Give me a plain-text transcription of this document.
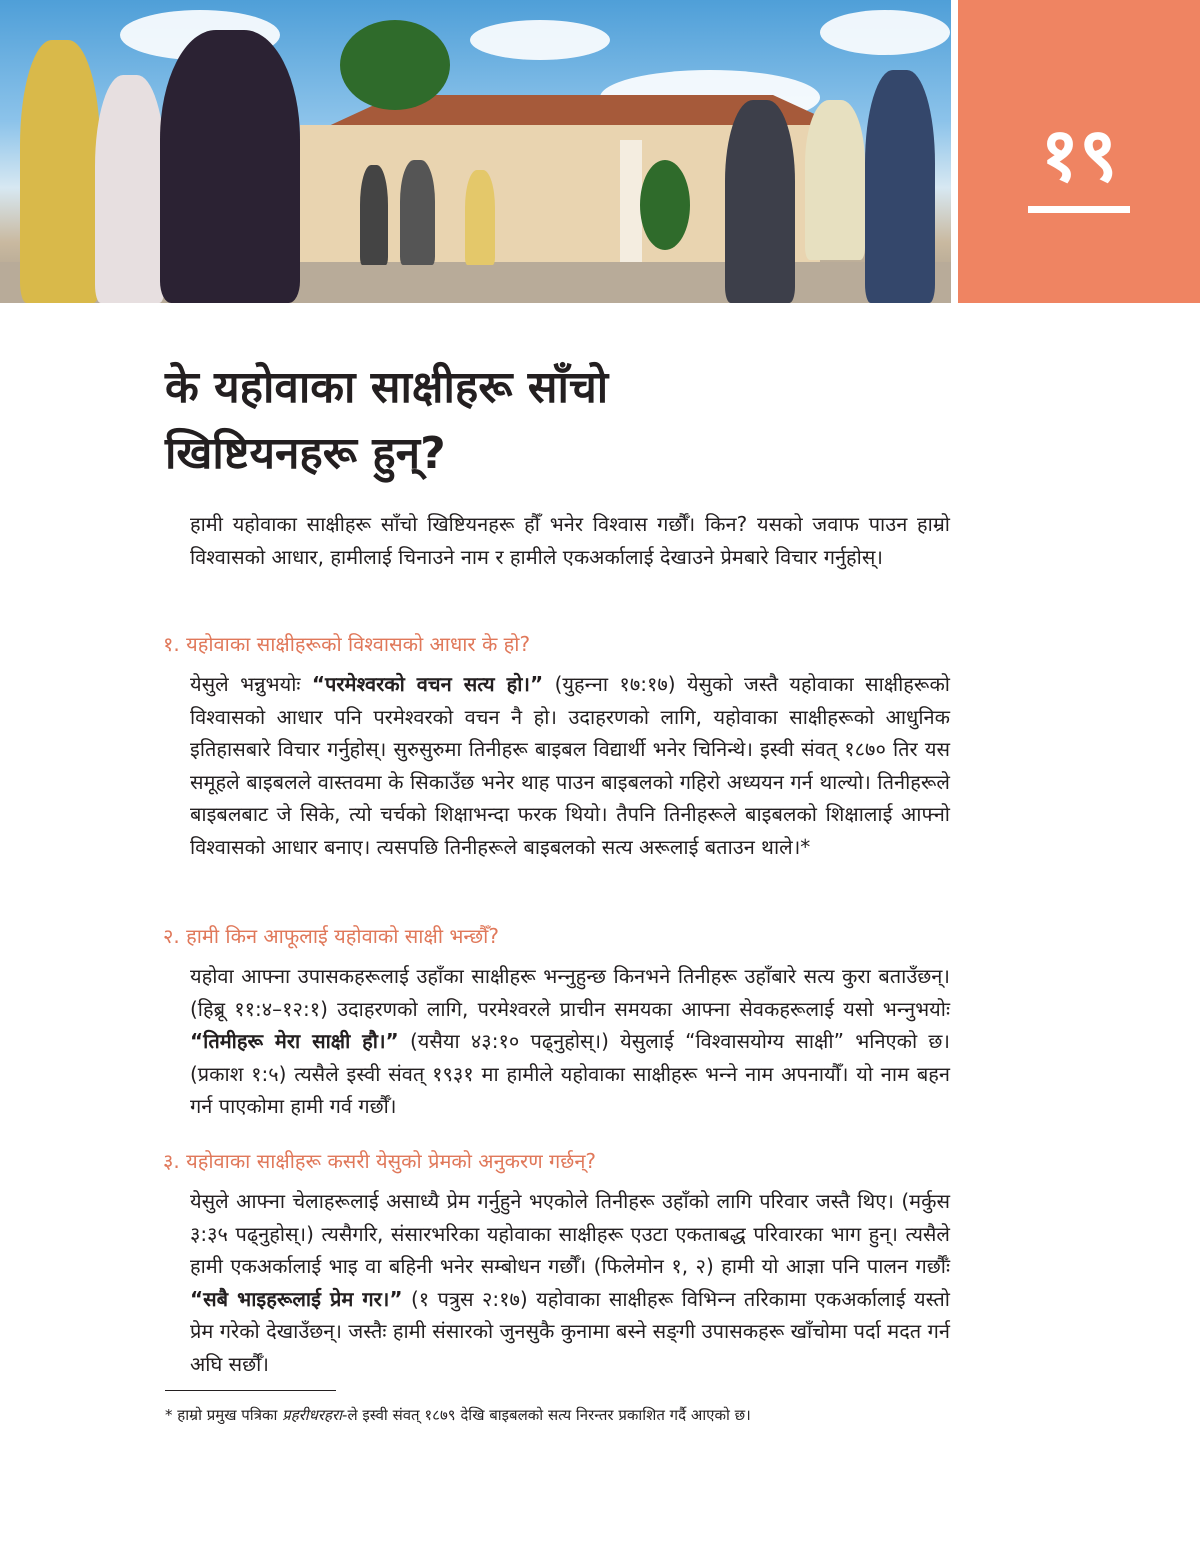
१९
के यहोवाका साक्षीहरू साँचो खिष्टियनहरू हुन्?

हामी यहोवाका साक्षीहरू साँचो खिष्टियनहरू हौँ भनेर विश्वास गर्छौँ। किन? यसको जवाफ पाउन हाम्रो विश्वासको आधार, हामीलाई चिनाउने नाम र हामीले एकअर्कालाई देखाउने प्रेमबारे विचार गर्नुहोस्।

१. यहोवाका साक्षीहरूको विश्वासको आधार के हो?

येसुले भन्नुभयोः “परमेश्‍वरको वचन सत्य हो।” (युहन्‍ना १७:१७) येसुको जस्तै यहोवाका साक्षीहरूको विश्‍वासको आधार पनि परमेश्‍वरको वचन नै हो। उदाहरणको लागि, यहोवाका साक्षीहरूको आधुनिक इतिहासबारे विचार गर्नुहोस्। सुरुसुरुमा तिनीहरू बाइबल विद्यार्थी भनेर चिनिन्थे। इस्वी संवत् १८७० तिर यस समूहले बाइबलले वास्तवमा के सिकाउँछ भनेर थाह पाउन बाइबलको गहिरो अध्ययन गर्न थाल्यो। तिनीहरूले बाइबलबाट जे सिके, त्यो चर्चको शिक्षाभन्दा फरक थियो। तैपनि तिनीहरूले बाइबलको शिक्षालाई आफ्नो विश्‍वासको आधार बनाए। त्यसपछि तिनीहरूले बाइबलको सत्य अरूलाई बताउन थाले।*

२. हामी किन आफूलाई यहोवाको साक्षी भन्छौँ?

यहोवा आफ्ना उपासकहरूलाई उहाँका साक्षीहरू भन्‍नुहुन्छ किनभने तिनीहरू उहाँबारे सत्य कुरा बताउँछन्। (हिब्रू ११:४–१२:१) उदाहरणको लागि, परमेश्‍वरले प्राचीन समयका आफ्ना सेवकहरूलाई यसो भन्‍नुभयोः “तिमीहरू मेरा साक्षी हौ।” (यसैया ४३:१० पढ्नुहोस्।) येसुलाई “विश्‍वासयोग्य साक्षी” भनिएको छ। (प्रकाश १:५) त्यसैले इस्वी संवत् १९३१ मा हामीले यहोवाका साक्षीहरू भन्‍ने नाम अपनायौँ। यो नाम बहन गर्न पाएकोमा हामी गर्व गर्छौँ।

३. यहोवाका साक्षीहरू कसरी येसुको प्रेमको अनुकरण गर्छन्?

येसुले आफ्ना चेलाहरूलाई असाध्यै प्रेम गर्नुहुने भएकोले तिनीहरू उहाँको लागि परिवार जस्तै थिए। (मर्कुस ३:३५ पढ्नुहोस्।) त्यसैगरि, संसारभरिका यहोवाका साक्षीहरू एउटा एकताबद्ध परिवारका भाग हुन्। त्यसैले हामी एकअर्कालाई भाइ वा बहिनी भनेर सम्बोधन गर्छौँ। (फिलेमोन १, २) हामी यो आज्ञा पनि पालन गर्छौँः “सबै भाइहरूलाई प्रेम गर।” (१ पत्रुस २:१७) यहोवाका साक्षीहरू विभिन्‍न तरिकामा एकअर्कालाई यस्तो प्रेम गरेको देखाउँछन्। जस्तैः हामी संसारको जुनसुकै कुनामा बस्ने सङ्‌गी उपासकहरू खाँचोमा पर्दा मदत गर्न अघि सर्छौँ।

* हाम्रो प्रमुख पत्रिका प्रहरीधरहरा-ले इस्वी संवत् १८७९ देखि बाइबलको सत्य निरन्तर प्रकाशित गर्दै आएको छ।
